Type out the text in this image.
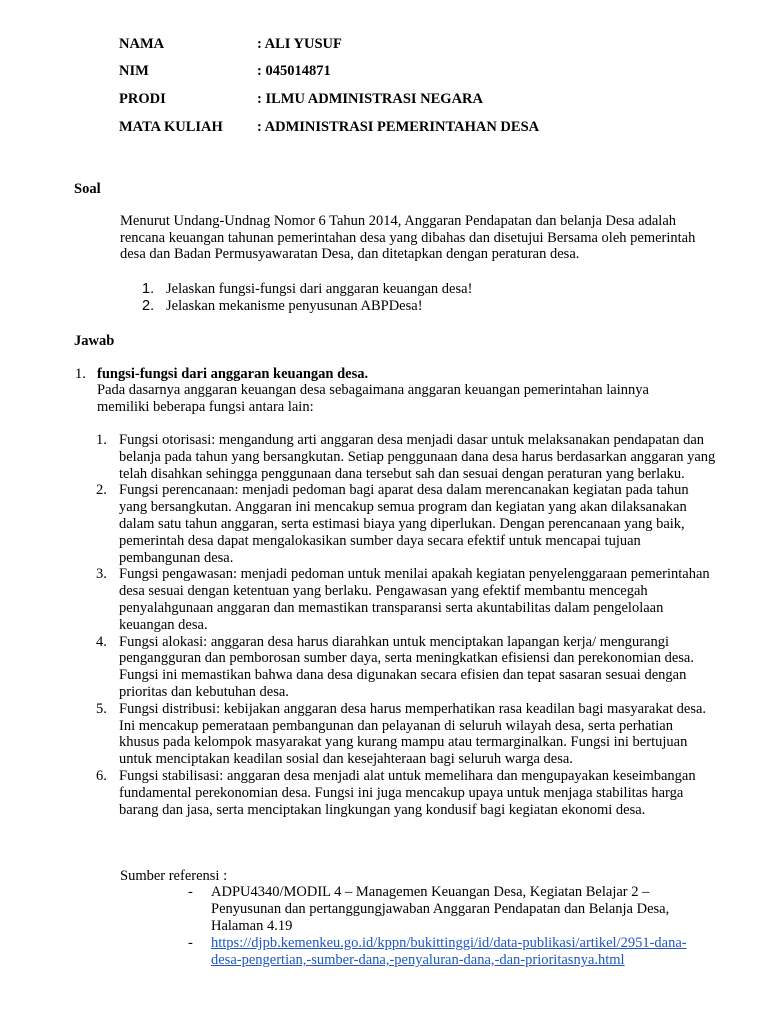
NAMA	: ALI YUSUF
NIM	: 045014871
PRODI	: ILMU ADMINISTRASI NEGARA
MATA KULIAH : ADMINISTRASI PEMERINTAHAN DESA
Soal
Menurut Undang-Undnag Nomor 6 Tahun 2014, Anggaran Pendapatan dan belanja Desa adalah rencana keuangan tahunan pemerintahan desa yang dibahas dan disetujui Bersama oleh pemerintah desa dan Badan Permusyawaratan Desa, dan ditetapkan dengan peraturan desa.
1. Jelaskan fungsi-fungsi dari anggaran keuangan desa!
2. Jelaskan mekanisme penyusunan ABPDesa!
Jawab
1. fungsi-fungsi dari anggaran keuangan desa.
Pada dasarnya anggaran keuangan desa sebagaimana anggaran keuangan pemerintahan lainnya memiliki beberapa fungsi antara lain:
1. Fungsi otorisasi: mengandung arti anggaran desa menjadi dasar untuk melaksanakan pendapatan dan belanja pada tahun yang bersangkutan. Setiap penggunaan dana desa harus berdasarkan anggaran yang telah disahkan sehingga penggunaan dana tersebut sah dan sesuai dengan peraturan yang berlaku.
2. Fungsi perencanaan: menjadi pedoman bagi aparat desa dalam merencanakan kegiatan pada tahun yang bersangkutan. Anggaran ini mencakup semua program dan kegiatan yang akan dilaksanakan dalam satu tahun anggaran, serta estimasi biaya yang diperlukan. Dengan perencanaan yang baik, pemerintah desa dapat mengalokasikan sumber daya secara efektif untuk mencapai tujuan pembangunan desa.
3. Fungsi pengawasan: menjadi pedoman untuk menilai apakah kegiatan penyelenggaraan pemerintahan desa sesuai dengan ketentuan yang berlaku. Pengawasan yang efektif membantu mencegah penyalahgunaan anggaran dan memastikan transparansi serta akuntabilitas dalam pengelolaan keuangan desa.
4. Fungsi alokasi: anggaran desa harus diarahkan untuk menciptakan lapangan kerja/ mengurangi pengangguran dan pemborosan sumber daya, serta meningkatkan efisiensi dan perekonomian desa. Fungsi ini memastikan bahwa dana desa digunakan secara efisien dan tepat sasaran sesuai dengan prioritas dan kebutuhan desa.
5. Fungsi distribusi: kebijakan anggaran desa harus memperhatikan rasa keadilan bagi masyarakat desa. Ini mencakup pemerataan pembangunan dan pelayanan di seluruh wilayah desa, serta perhatian khusus pada kelompok masyarakat yang kurang mampu atau termarginalkan. Fungsi ini bertujuan untuk menciptakan keadilan sosial dan kesejahteraan bagi seluruh warga desa.
6. Fungsi stabilisasi: anggaran desa menjadi alat untuk memelihara dan mengupayakan keseimbangan fundamental perekonomian desa. Fungsi ini juga mencakup upaya untuk menjaga stabilitas harga barang dan jasa, serta menciptakan lingkungan yang kondusif bagi kegiatan ekonomi desa.
Sumber referensi :
- ADPU4340/MODIL 4 – Managemen Keuangan Desa, Kegiatan Belajar 2 – Penyusunan dan pertanggungjawaban Anggaran Pendapatan dan Belanja Desa, Halaman 4.19
- https://djpb.kemenkeu.go.id/kppn/bukittinggi/id/data-publikasi/artikel/2951-dana-desa-pengertian,-sumber-dana,-penyaluran-dana,-dan-prioritasnya.html
